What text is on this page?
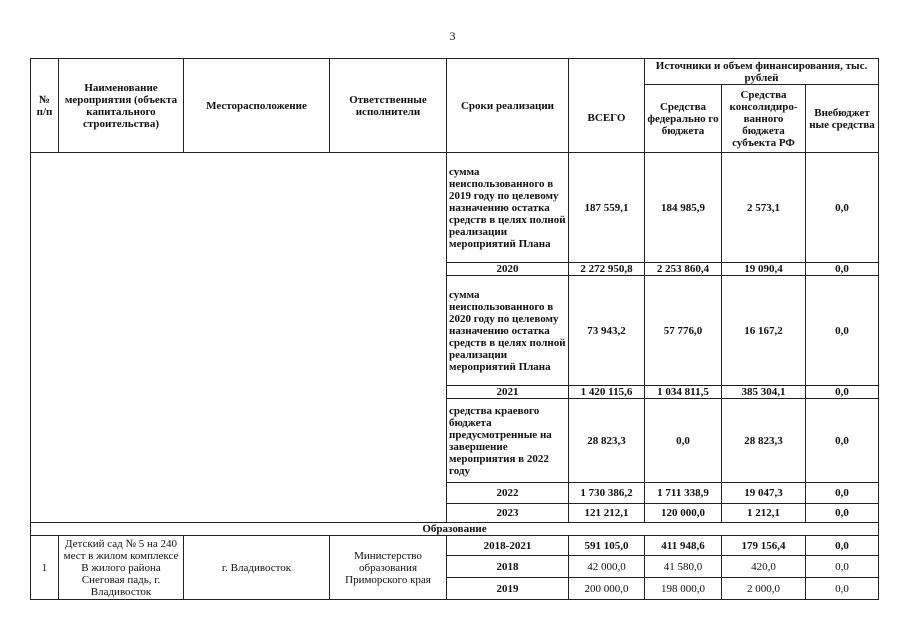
3
№
п/п	Наименование мероприятия (объекта капитального строительства)	Месторасположение	Ответственные исполнители	Сроки реализации		Источники и объем финансирования, тыс. рублей		
					ВСЕГО	Средства федерально го бюджета	Средства консолидиро-ванного бюджета субъекта РФ	Внебюджет ные средства
				сумма неиспользованного в 2019 году по целевому назначению остатка средств в целях полной реализации мероприятий Плана	187 559,1	184 985,9	2 573,1	0,0
				2020	2 272 950,8	2 253 860,4	19 090,4	0,0
				сумма неиспользованного в 2020 году по целевому назначению остатка средств в целях полной реализации мероприятий Плана	73 943,2	57 776,0	16 167,2	0,0
				2021	1 420 115,6	1 034 811,5	385 304,1	0,0
				средства краевого бюджета предусмотренные на завершение мероприятия в 2022 году	28 823,3	0,0	28 823,3	0,0
				2022	1 730 386,2	1 711 338,9	19 047,3	0,0
				2023	121 212,1	120 000,0	1 212,1	0,0
Образование								
1	Детский сад № 5 на 240 мест в жилом комплексе В жилого района Снеговая падь, г. Владивосток	г. Владивосток	Министерство образования Приморского края	2018-2021	591 105,0	411 948,6	179 156,4	0,0
				2018	42 000,0	41 580,0	420,0	0,0
				2019	200 000,0	198 000,0	2 000,0	0,0
